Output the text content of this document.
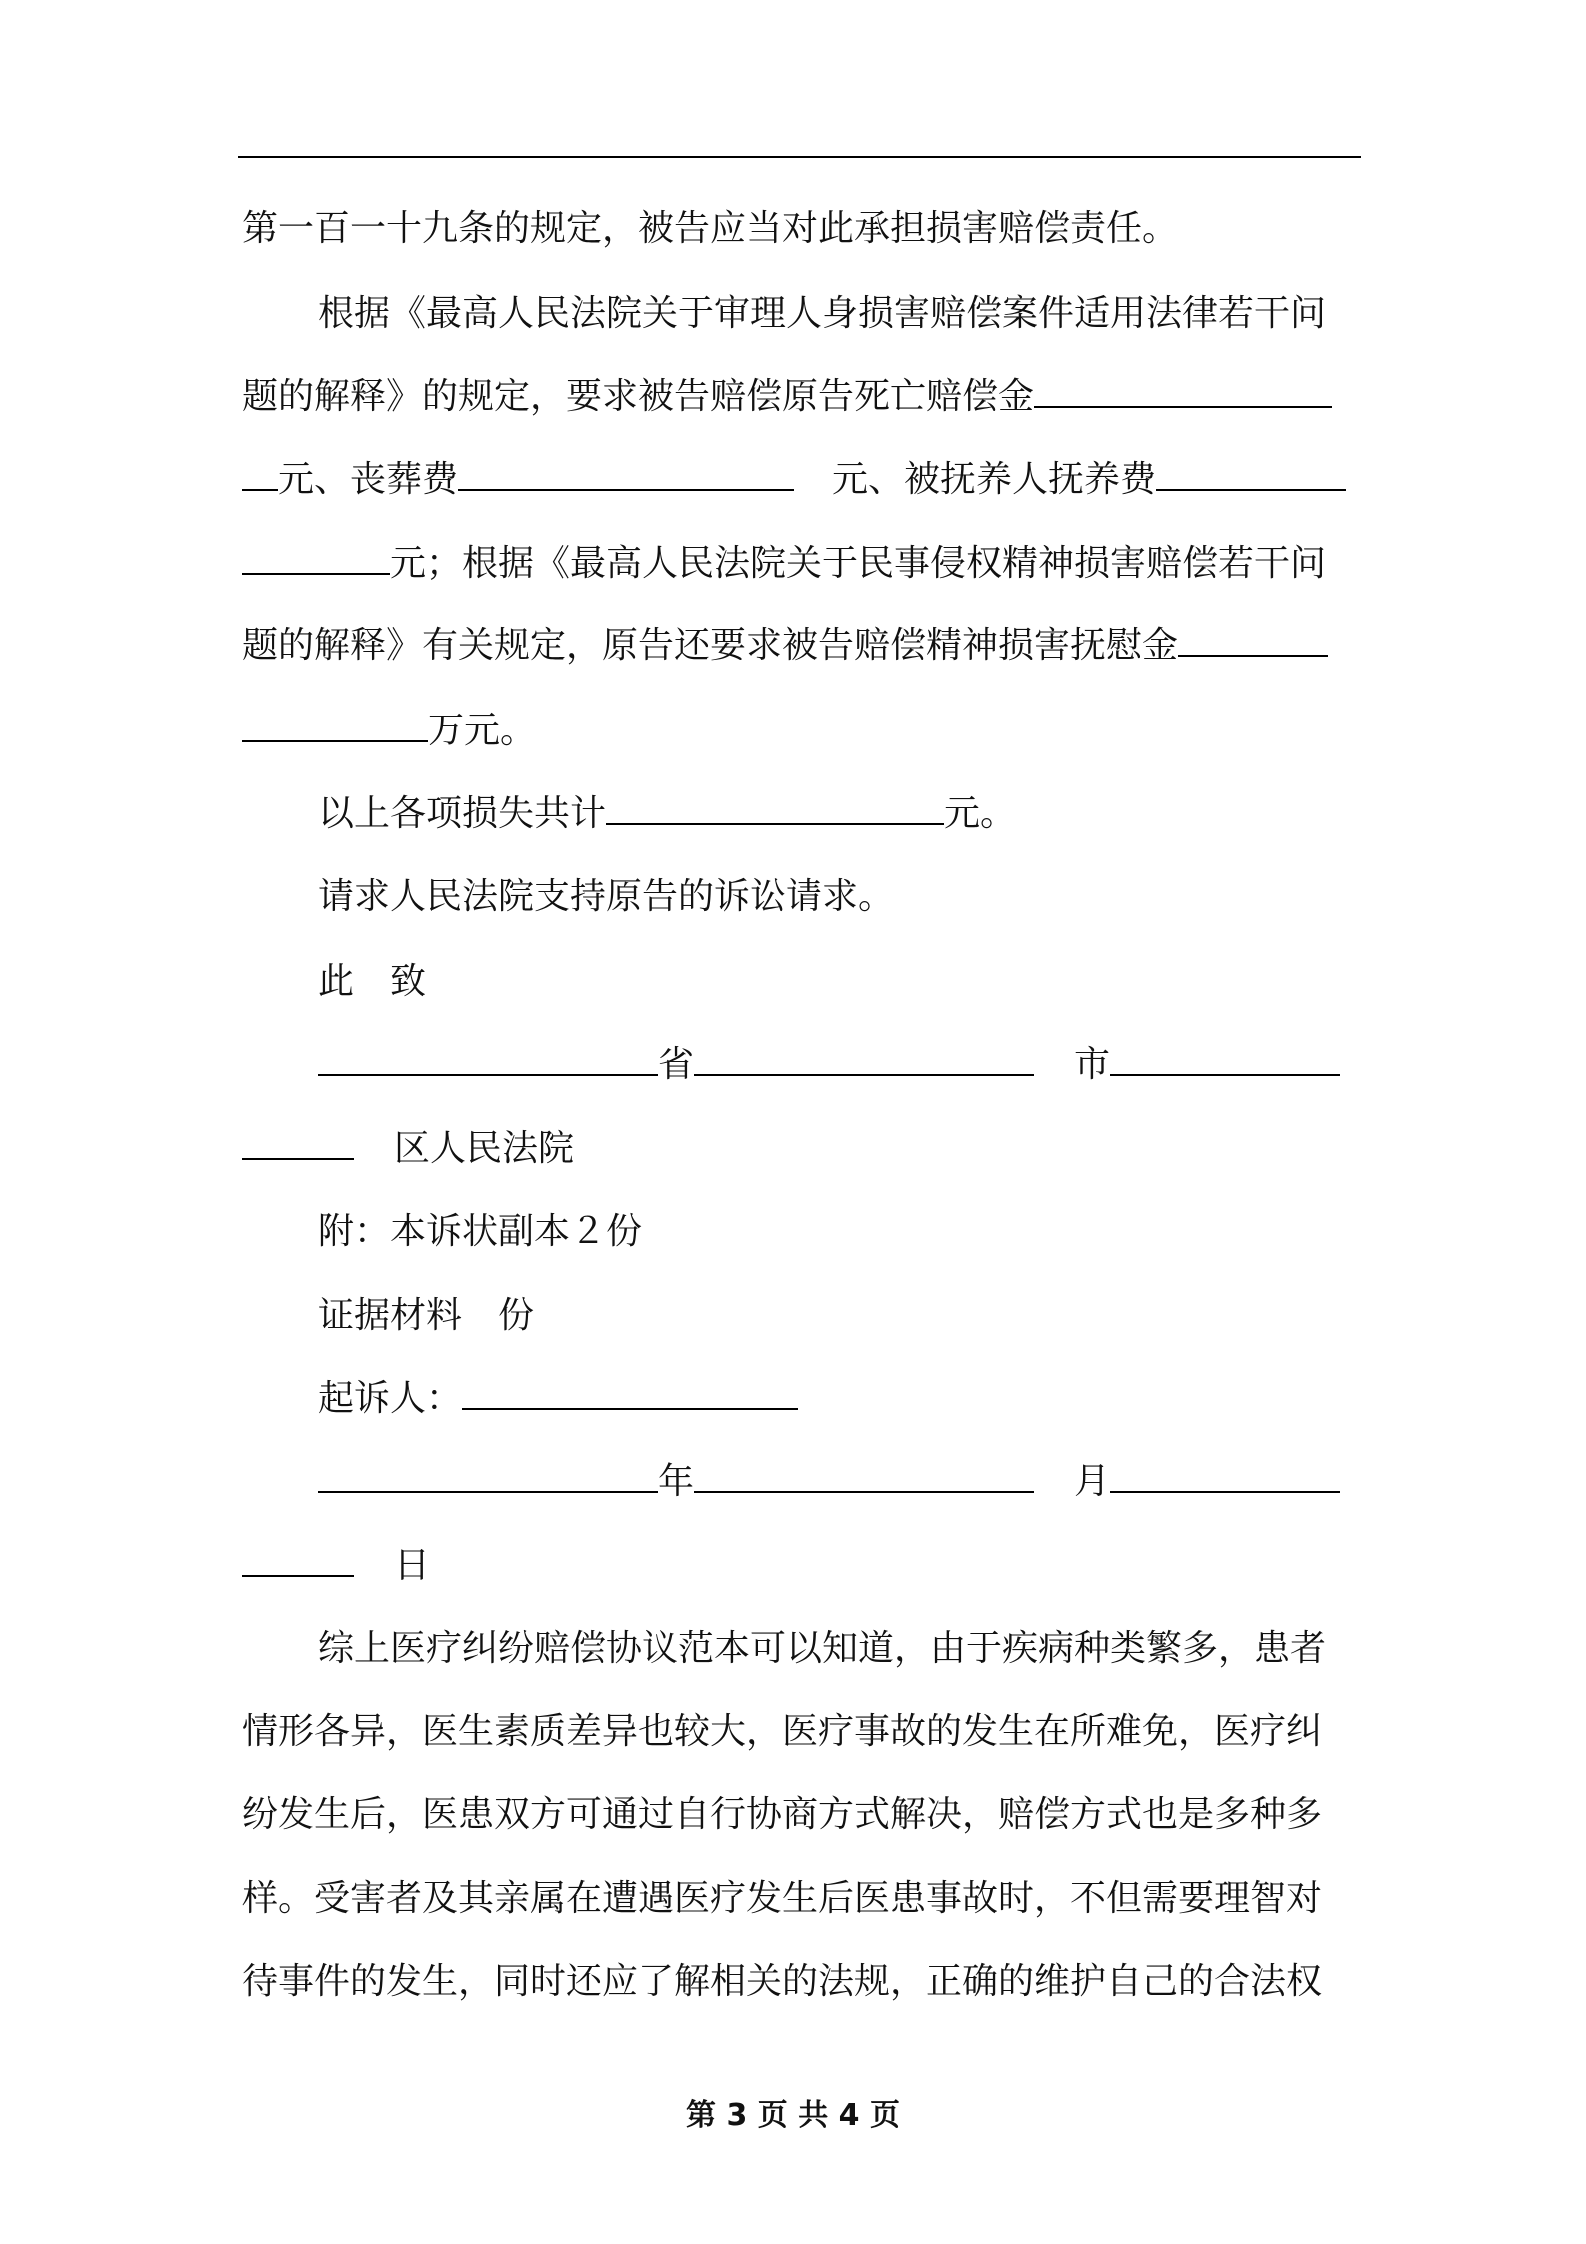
第一百一十九条的规定，被告应当对此承担损害赔偿责任。
根据《最高人民法院关于审理人身损害赔偿案件适用法律若干问
题的解释》的规定，要求被告赔偿原告死亡赔偿金
元、丧葬费	元、被抚养人抚养费
元；根据《最高人民法院关于民事侵权精神损害赔偿若干问
题的解释》有关规定，原告还要求被告赔偿精神损害抚慰金
万元。
以上各项损失共计	元。
请求人民法院支持原告的诉讼请求。
此　致
省	市
区人民法院
附：本诉状副本２份
证据材料　份
起诉人：
年	月
日
综上医疗纠纷赔偿协议范本可以知道，由于疾病种类繁多，患者
情形各异，医生素质差异也较大，医疗事故的发生在所难免，医疗纠
纷发生后，医患双方可通过自行协商方式解决，赔偿方式也是多种多
样。受害者及其亲属在遭遇医疗发生后医患事故时，不但需要理智对
待事件的发生，同时还应了解相关的法规，正确的维护自己的合法权
第 3 页 共 4 页
